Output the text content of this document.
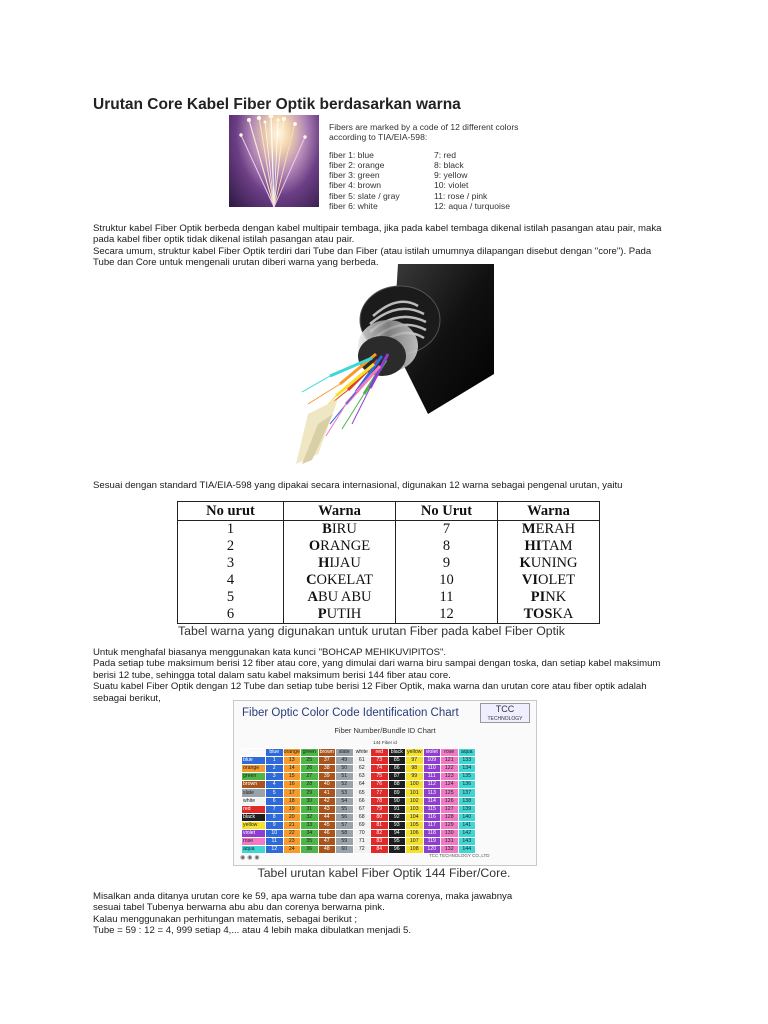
Urutan Core Kabel Fiber Optik berdasarkan warna
Fibers are marked by a code of 12 different colors
according to TIA/EIA-598:
fiber 1: blue
fiber 2: orange
fiber 3: green
fiber 4: brown
fiber 5: slate / gray
fiber 6: white
7: red
8: black
9: yellow
10: violet
11: rose / pink
12: aqua / turquoise
Struktur kabel Fiber Optik berbeda dengan kabel multipair tembaga, jika pada kabel tembaga dikenal istilah pasangan atau pair, maka
pada kabel fiber optik tidak dikenal istilah pasangan atau pair.
Secara umum, struktur kabel Fiber Optik terdiri dari Tube dan Fiber (atau istilah umumnya dilapangan disebut dengan "core"). Pada
Tube dan Core untuk mengenali urutan diberi warna yang berbeda.
Sesuai dengan standard TIA/EIA-598 yang dipakai secara internasional, digunakan 12 warna sebagai pengenal urutan, yaitu
No urut	Warna	No Urut	Warna
1	BIRU	7	MERAH
2	ORANGE	8	HITAM
3	HIJAU	9	KUNING
4	COKELAT	10	VIOLET
5	ABU ABU	11	PINK
6	PUTIH	12	TOSKA
Tabel warna yang digunakan untuk urutan Fiber pada kabel Fiber Optik
Untuk menghafal biasanya menggunakan kata kunci "BOHCAP MEHIKUVIPITOS".
Pada setiap tube maksimum berisi 12 fiber atau core, yang dimulai dari warna biru sampai dengan toska, dan setiap kabel maksimum
berisi 12 tube, sehingga total dalam satu kabel maksimum berisi 144 fiber atau core.
Suatu kabel Fiber Optik dengan 12 Tube dan setiap tube berisi 12 Fiber Optik, maka warna dan urutan core atau fiber optik adalah
sebagai berikut,
Fiber Optic Color Code Identification Chart	TCC
TECHNOLOGY
Fiber Number/Bundle ID Chart
144 Fiber id
	blue	orange	green	brown	slate	white	red	black	yellow	violet	rose	aqua
blue	1	13	25	37	49	61	73	85	97	109	121	133
orange	2	14	26	38	50	62	74	86	98	110	122	134
green	3	15	27	39	51	63	75	87	99	111	123	135
brown	4	16	28	40	52	64	76	88	100	112	124	136
slate	5	17	29	41	53	65	77	89	101	113	125	137
white	6	18	30	42	54	66	78	90	102	114	126	138
red	7	19	31	43	55	67	79	91	103	115	127	139
black	8	20	32	44	56	68	80	92	104	116	128	140
yellow	9	21	33	45	57	69	81	93	105	117	129	141
violet	10	22	34	46	58	70	82	94	106	118	130	142
rose	11	23	35	47	59	71	83	95	107	119	131	143
aqua	12	24	36	48	60	72	84	96	108	120	132	144
◉ ◉ ◉	TCC TECHNOLOGY CO.,LTD
Tabel urutan kabel Fiber Optik 144 Fiber/Core.
Misalkan anda ditanya urutan core ke 59, apa warna tube dan apa warna corenya, maka jawabnya
sesuai tabel Tubenya berwarna abu abu dan corenya berwarna pink.
Kalau menggunakan perhitungan matematis, sebagai berikut ;
Tube = 59 : 12 = 4, 999 setiap 4,... atau 4 lebih maka dibulatkan menjadi 5.
